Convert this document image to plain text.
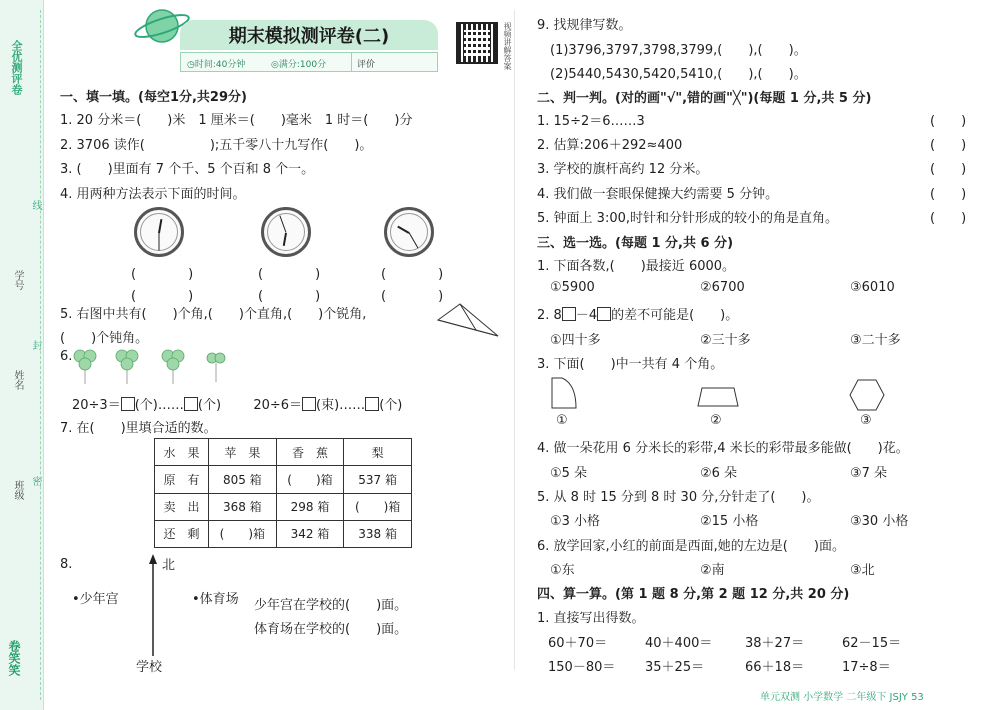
全优测评卷
学号
姓名
班级
线
封
密
卷笑笑
期末模拟测评卷(二)
◷时间:40分钟	◎满分:100分	评价	视频讲解答案
一、填一填。(每空1分,共29分)
1. 20 分米＝(　　)米　1 厘米＝(　　)毫米　1 时＝(　　)分
2. 3706 读作(　　　　　);五千零八十九写作(　　)。
3. (　　)里面有 7 个千、5 个百和 8 个一。
4. 用两种方法表示下面的时间。
(　　　　)
(　　　　)
(　　　　)
(　　　　)
(　　　　)
(　　　　)
5. 右图中共有(　　)个角,(　　)个直角,(　　)个锐角,
(　　)个钝角。
6.
20÷3＝ (个)…… (个) 20÷6＝ (束)…… (个)
7. 在(　　)里填合适的数。
水　果	苹　果	香　蕉	梨
原　有	805 箱	(　　)箱	537 箱
卖　出	368 箱	298 箱	(　　)箱
还　剩	(　　)箱	342 箱	338 箱
8.	北
•少年宫	•体育场
学校
少年宫在学校的(　　)面。
体育场在学校的(　　)面。
9. 找规律写数。
(1)3796,3797,3798,3799,(　　),(　　)。
(2)5440,5430,5420,5410,(　　),(　　)。
二、判一判。(对的画"√",错的画"╳")(每题 1 分,共 5 分)
1. 15÷2＝6……3
2. 估算:206＋292≈400
3. 学校的旗杆高约 12 分米。
4. 我们做一套眼保健操大约需要 5 分钟。
5. 钟面上 3:00,时针和分针形成的较小的角是直角。
(　　)
(　　)
(　　)
(　　)
(　　)
三、选一选。(每题 1 分,共 6 分)
1. 下面各数,(　　)最接近 6000。
①5900	②6700	③6010
2. 8 －4 的差不可能是(　　)。
①四十多	②三十多	③二十多
3. 下面(　　)中一共有 4 个角。
①	②	③
4. 做一朵花用 6 分米长的彩带,4 米长的彩带最多能做(　　)花。
①5 朵	②6 朵	③7 朵
5. 从 8 时 15 分到 8 时 30 分,分针走了(　　)。
①3 小格	②15 小格	③30 小格
6. 放学回家,小红的前面是西面,她的左边是(　　)面。
①东	②南	③北
四、算一算。(第 1 题 8 分,第 2 题 12 分,共 20 分)
1. 直接写出得数。
60＋70＝	40＋400＝	38＋27＝	62－15＝
150－80＝ 35＋25＝	66＋18＝	17÷8＝
单元双测 小学数学 二年级下 JSJY 53
